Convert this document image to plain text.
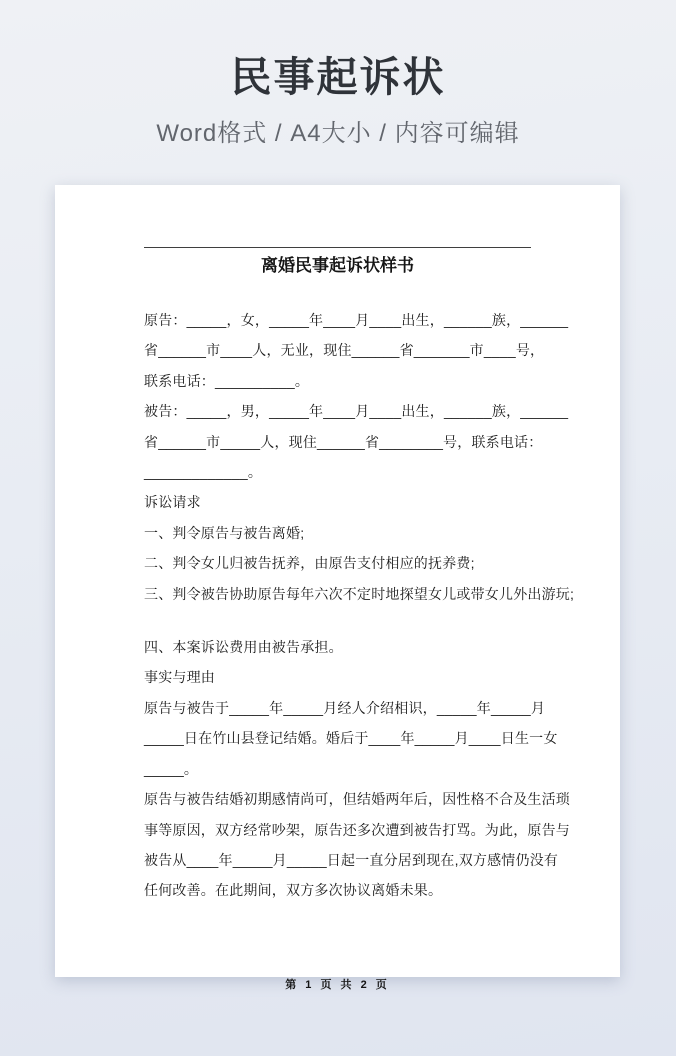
民事起诉状
Word格式 / A4大小 / 内容可编辑
离婚民事起诉状样书
原告：_____，女，_____年____月____出生，______族，______
省______市____人，无业，现住______省_______市____号，
联系电话：__________。
被告：_____，男，_____年____月____出生，______族，______
省______市_____人，现住______省________号，联系电话：
_____________。
诉讼请求
一、判令原告与被告离婚;
二、判令女儿归被告抚养，由原告支付相应的抚养费;
三、判令被告协助原告每年六次不定时地探望女儿或带女儿外出游玩;
四、本案诉讼费用由被告承担。
事实与理由
原告与被告于_____年_____月经人介绍相识，_____年_____月
_____日在竹山县登记结婚。婚后于____年_____月____日生一女
_____。
原告与被告结婚初期感情尚可，但结婚两年后，因性格不合及生活琐
事等原因，双方经常吵架，原告还多次遭到被告打骂。为此，原告与
被告从____年_____月_____日起一直分居到现在,双方感情仍没有
任何改善。在此期间，双方多次协议离婚未果。
第 1 页 共 2 页
